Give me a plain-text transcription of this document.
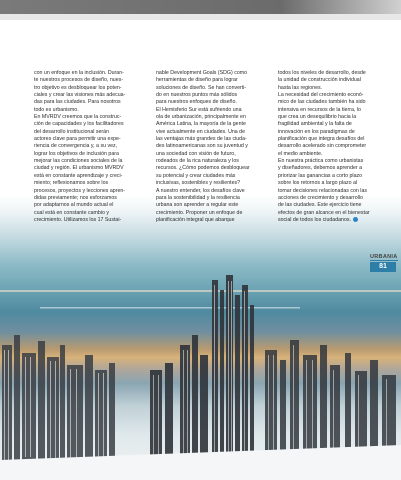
con un enfoque en la inclusión. Duran-
te nuestros procesos de diseño, nues-
tro objetivo es desbloquear los poten-
ciales y crear las visiones más adecua-
das para las ciudades. Para nosotros
todo es urbanismo.
En MVRDV creemos que la construc-
ción de capacidades y los facilitadores
del desarrollo institucional serán
actores clave para permitir una expe-
riencia de convergencia y, a su vez,
lograr los objetivos de inclusión para
mejorar las condiciones sociales de la
ciudad y región. El urbanismo MVRDV
está en constante aprendizaje y creci-
miento; reflexionamos sobre los
procesos, proyectos y lecciones apren-
didas previamente; nos esforzamos
por adaptarnos al mundo actual el
cual está en constante cambio y
crecimiento. Utilizamos los 17 Sustai-

nable Development Goals (SDG) como
herramientas de diseño para lograr
soluciones de diseño. Se han converti-
do en nuestros puntos más sólidos
para nuestros enfoques de diseño.
El Hemisferio Sur está sufriendo una
ola de urbanización, principalmente en
América Latina, la mayoría de la gente
vive actualmente en ciudades. Una de
las ventajas más grandes de las ciuda-
des latinoamericanas son su juventud y
una sociedad con visión de futuro,
rodeados de la rica naturaleza y los
recursos. ¿Cómo podemos desbloquear
su potencial y crear ciudades más
inclusivas, sostenibles y resilientes?
A nuestro entender, los desafíos clave
para la sostenibilidad y la resiliencia
urbana son aprender a regular este
crecimiento. Proponer un enfoque de
planificación integral que abarque

todos los niveles de desarrollo, desde
la unidad de construcción individual
hasta las regiones.
La necesidad del crecimiento econó-
mico de las ciudades también ha sido
intensiva en recursos de la tierra, lo
que crea un desequilibrio hacia la
fragilidad ambiental y la falta de
innovación en los paradigmas de
planificación que integra desafíos del
desarrollo acelerado sin comprometer
el medio ambiente.
En nuestra práctica como urbanistas
y diseñadores, debemos aprender a
priorizar las ganancias a corto plazo
sobre los retornos a largo plazo al
tomar decisiones relacionadas con las
acciones de crecimiento y desarrollo
de las ciudades. Este ejercicio tiene
efectos de gran alcance en el bienestar
social de todos los ciudadanos.

URBANIA
81
